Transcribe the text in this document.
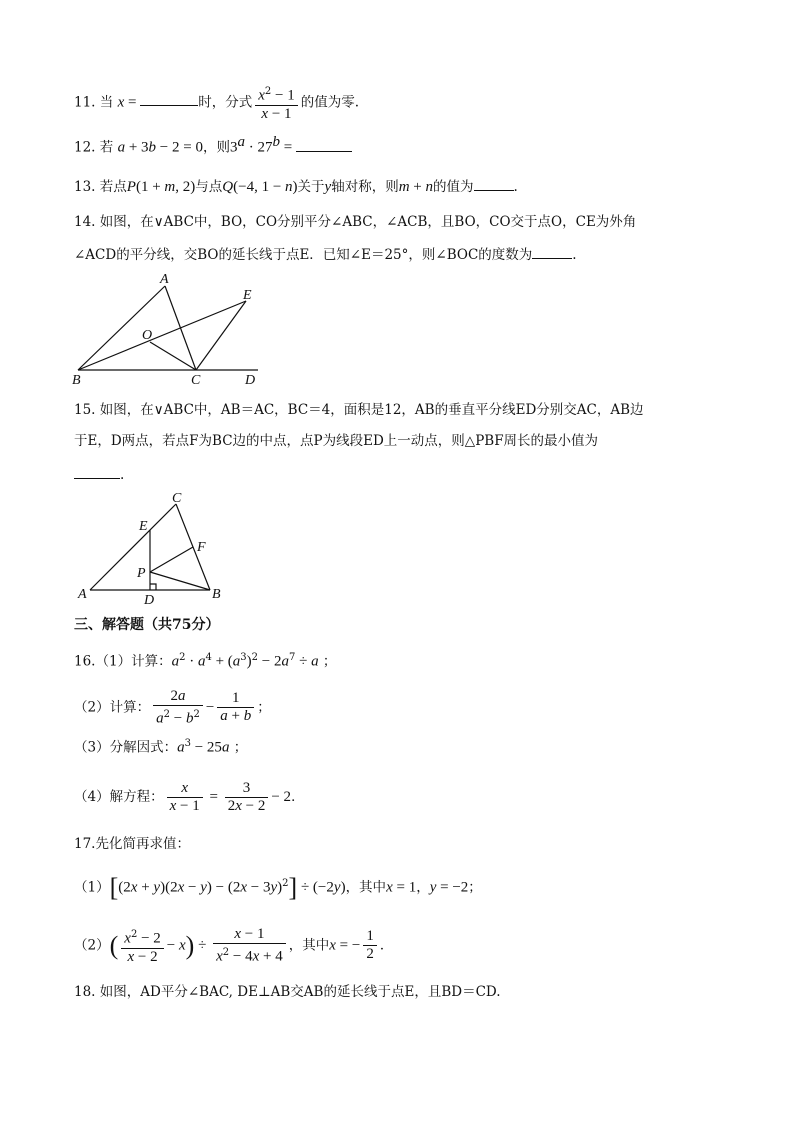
11. 当 x =	时，分式 $\frac{x^2 - 1}{x - 1}$ 的值为零.
12. 若 a + 3b − 2 = 0，则$3^a \cdot 27^b$ =
13. 若点P(1 + m, 2)与点Q(−4, 1 − n)关于y轴对称，则m + n的值为	.
14. 如图，在∨ABC中，BO，CO分别平分∠ABC，∠ACB，且BO，CO交于点O，CE为外角
∠ACD的平分线，交BO的延长线于点E．已知∠E＝25°，则∠BOC的度数为	.
A
B	C	D
E
O
15. 如图，在∨ABC中，AB＝AC，BC＝4，面积是12，AB的垂直平分线ED分别交AC，AB边
于E，D两点，若点F为BC边的中点，点P为线段ED上一动点，则△PBF周长的最小值为
.
C
E
F
P
A	B
D
三、解答题（共75分）
16.（1）计算：$a^2 \cdot a^4 + (a^3)^2 - 2a^7 \div a$ ；
（2）计算： $\frac{2a}{a^2 - b^2} - \frac{1}{a + b}$ ；
（3）分解因式：$a^3 - 25a$ ；
（4）解方程： $\frac{x}{x - 1} = \frac{3}{2x - 2} - 2$．
17.先化简再求值：
$(1)[(2x + y)(2x - y) - (2x - 3y)^2] \div (-2y)$，其中x = 1，y = −2；
$(2)( \frac{x^2 - 2}{x - 2} - x) \div \frac{x - 1}{x^2 - 4x + 4}$ ，其中x = − $\frac{1}{2}$ ．
18. 如图，AD平分∠BAC, DE⊥AB交AB的延长线于点E，且BD＝CD.
